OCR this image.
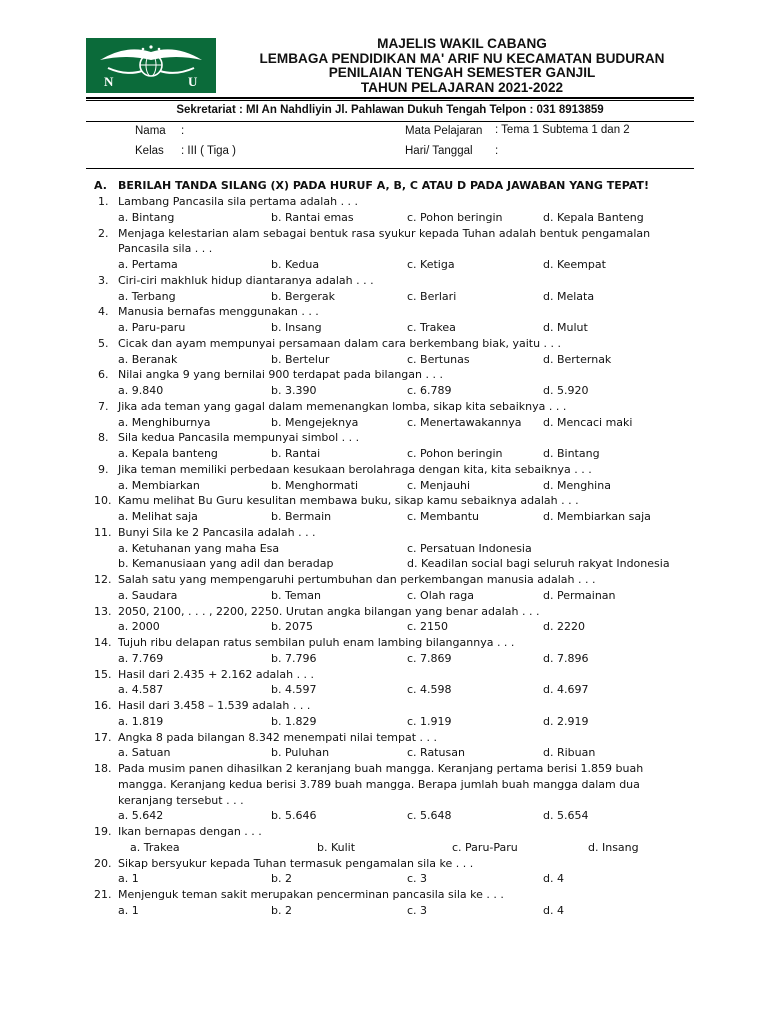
N	U
MAJELIS WAKIL CABANG
LEMBAGA PENDIDIKAN MA' ARIF NU KECAMATAN BUDURAN
PENILAIAN TENGAH SEMESTER GANJIL
TAHUN PELAJARAN 2021-2022
Sekretariat : MI An Nahdliyin Jl. Pahlawan Dukuh Tengah Telpon : 031 8913859
Nama :
Kelas : III ( Tiga )
Mata Pelajaran : Tema 1 Subtema 1 dan 2
Hari/ Tanggal :
A. BERILAH TANDA SILANG (X) PADA HURUF A, B, C ATAU D PADA JAWABAN YANG TEPAT!
1. Lambang Pancasila sila pertama adalah . . .
a. Bintang	b. Rantai emas	c. Pohon beringin	d. Kepala Banteng
2. Menjaga kelestarian alam sebagai bentuk rasa syukur kepada Tuhan adalah bentuk pengamalan
Pancasila sila . . .
a. Pertama	b. Kedua	c. Ketiga	d. Keempat
3. Ciri-ciri makhluk hidup diantaranya adalah . . .
a. Terbang	b. Bergerak	c. Berlari	d. Melata
4. Manusia bernafas menggunakan . . .
a. Paru-paru	b. Insang	c. Trakea	d. Mulut
5. Cicak dan ayam mempunyai persamaan dalam cara berkembang biak, yaitu . . .
a. Beranak	b. Bertelur	c. Bertunas	d. Berternak
6. Nilai angka 9 yang bernilai 900 terdapat pada bilangan . . .
a. 9.840	b. 3.390	c. 6.789	d. 5.920
7. Jika ada teman yang gagal dalam memenangkan lomba, sikap kita sebaiknya . . .
a. Menghiburnya	b. Mengejeknya	c. Menertawakannya d. Mencaci maki
8. Sila kedua Pancasila mempunyai simbol . . .
a. Kepala banteng	b. Rantai	c. Pohon beringin	d. Bintang
9. Jika teman memiliki perbedaan kesukaan berolahraga dengan kita, kita sebaiknya . . .
a. Membiarkan	b. Menghormati	c. Menjauhi	d. Menghina
10. Kamu melihat Bu Guru kesulitan membawa buku, sikap kamu sebaiknya adalah . . .
a. Melihat saja	b. Bermain	c. Membantu	d. Membiarkan saja
11. Bunyi Sila ke 2 Pancasila adalah . . .
a. Ketuhanan yang maha Esa	c. Persatuan Indonesia
b. Kemanusiaan yang adil dan beradap	d. Keadilan social bagi seluruh rakyat Indonesia
12. Salah satu yang mempengaruhi pertumbuhan dan perkembangan manusia adalah . . .
a. Saudara	b. Teman	c. Olah raga	d. Permainan
13. 2050, 2100, . . . , 2200, 2250. Urutan angka bilangan yang benar adalah . . .
a. 2000	b. 2075	c. 2150	d. 2220
14. Tujuh ribu delapan ratus sembilan puluh enam lambing bilangannya . . .
a. 7.769	b. 7.796	c. 7.869	d. 7.896
15. Hasil dari 2.435 + 2.162 adalah . . .
a. 4.587	b. 4.597	c. 4.598	d. 4.697
16. Hasil dari 3.458 – 1.539 adalah . . .
a. 1.819	b. 1.829	c. 1.919	d. 2.919
17. Angka 8 pada bilangan 8.342 menempati nilai tempat . . .
a. Satuan	b. Puluhan	c. Ratusan	d. Ribuan
18. Pada musim panen dihasilkan 2 keranjang buah mangga. Keranjang pertama berisi 1.859 buah
mangga. Keranjang kedua berisi 3.789 buah mangga. Berapa jumlah buah mangga dalam dua
keranjang tersebut . . .
a. 5.642	b. 5.646	c. 5.648	d. 5.654
19. Ikan bernapas dengan . . .
a. Trakea	b. Kulit	c. Paru-Paru	d. Insang
20. Sikap bersyukur kepada Tuhan termasuk pengamalan sila ke . . .
a. 1	b. 2	c. 3	d. 4
21. Menjenguk teman sakit merupakan pencerminan pancasila sila ke . . .
a. 1	b. 2	c. 3	d. 4
